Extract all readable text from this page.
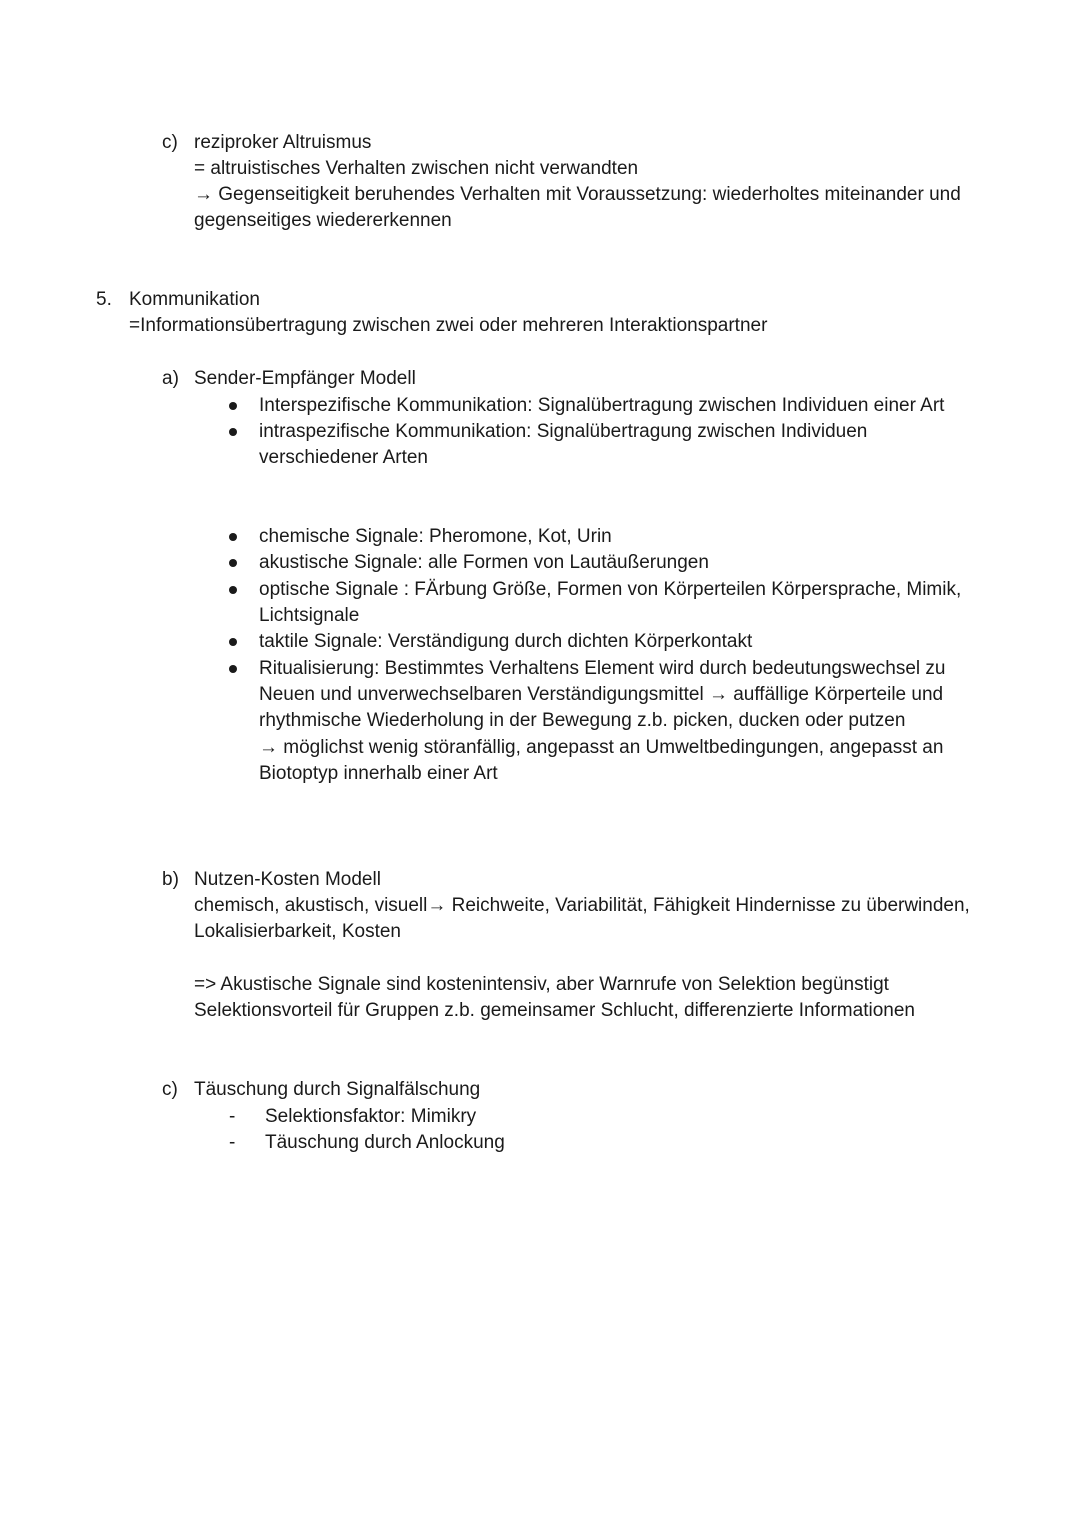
c) reziproker Altruismus
= altruistisches Verhalten zwischen nicht verwandten
→ Gegenseitigkeit beruhendes Verhalten mit Voraussetzung: wiederholtes miteinander und
gegenseitiges wiedererkennen
5. Kommunikation
=Informationsübertragung zwischen zwei oder mehreren Interaktionspartner
a) Sender-Empfänger Modell
Interspezifische Kommunikation: Signalübertragung zwischen Individuen einer Art
intraspezifische Kommunikation: Signalübertragung zwischen Individuen
verschiedener Arten
chemische Signale: Pheromone, Kot, Urin
akustische Signale: alle Formen von Lautäußerungen
optische Signale : FÄrbung Größe, Formen von Körperteilen Körpersprache, Mimik,
Lichtsignale
taktile Signale: Verständigung durch dichten Körperkontakt
Ritualisierung: Bestimmtes Verhaltens Element wird durch bedeutungswechsel zu
Neuen und unverwechselbaren Verständigungsmittel → auffällige Körperteile und
rhythmische Wiederholung in der Bewegung z.b. picken, ducken oder putzen
→ möglichst wenig störanfällig, angepasst an Umweltbedingungen, angepasst an
Biotoptyp innerhalb einer Art
b) Nutzen-Kosten Modell
chemisch, akustisch, visuell→ Reichweite, Variabilität, Fähigkeit Hindernisse zu überwinden,
Lokalisierbarkeit, Kosten
=> Akustische Signale sind kostenintensiv, aber Warnrufe von Selektion begünstigt
Selektionsvorteil für Gruppen z.b. gemeinsamer Schlucht, differenzierte Informationen
c) Täuschung durch Signalfälschung
- Selektionsfaktor: Mimikry
- Täuschung durch Anlockung
